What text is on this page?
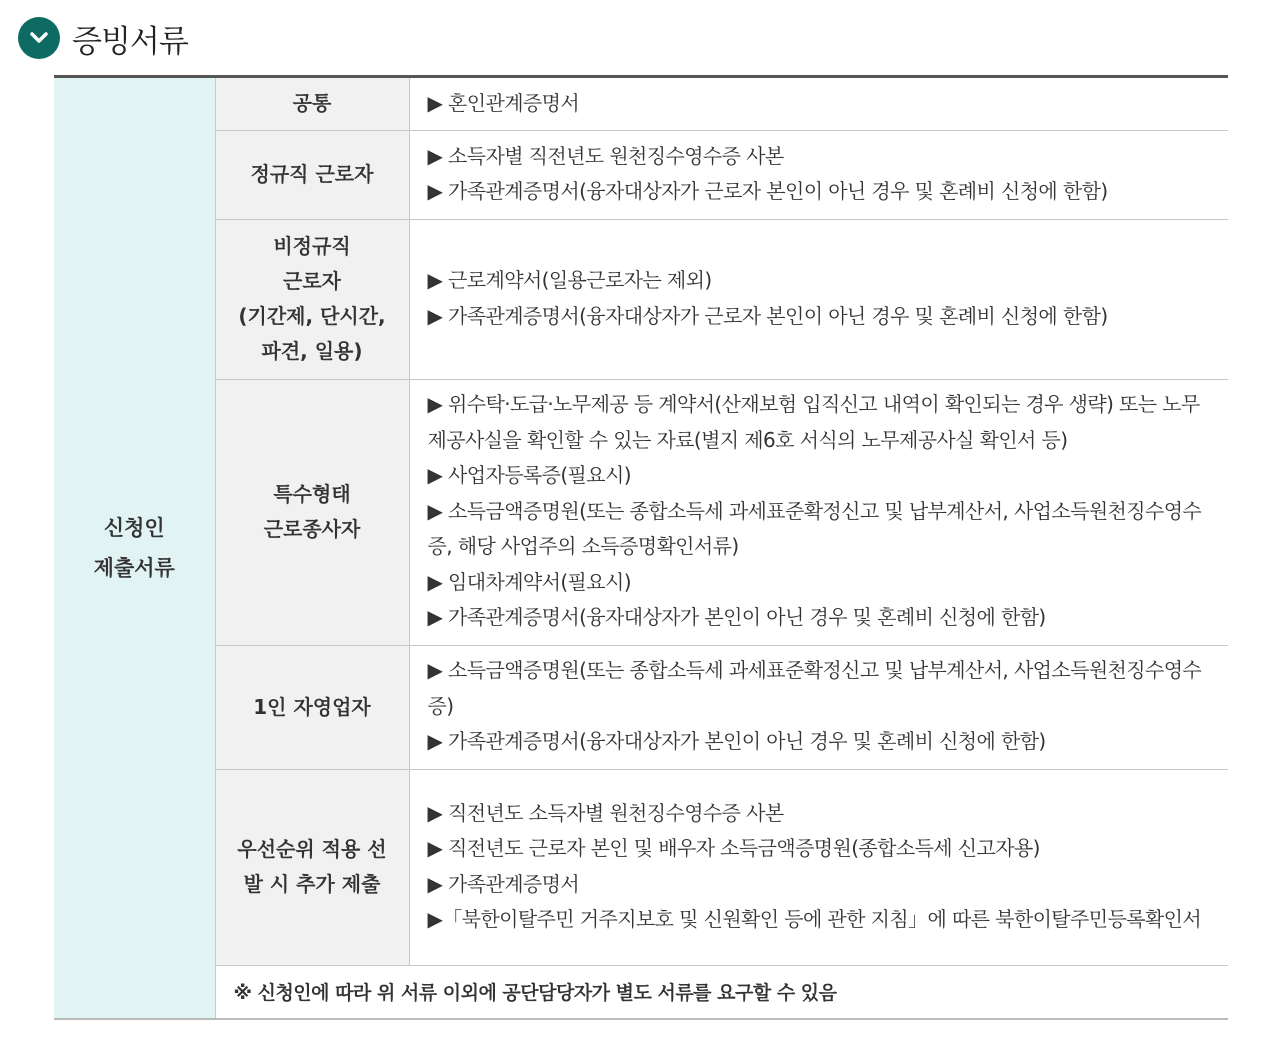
증빙서류
신청인
제출서류	공통	▶ 혼인관계증명서

	정규직 근로자	▶ 소득자별 직전년도 원천징수영수증 사본
▶ 가족관계증명서(융자대상자가 근로자 본인이 아닌 경우 및 혼례비 신청에 한함)

	비정규직
근로자
(기간제, 단시간,
파견, 일용)	▶ 근로계약서(일용근로자는 제외)
▶ 가족관계증명서(융자대상자가 근로자 본인이 아닌 경우 및 혼례비 신청에 한함)

	특수형태
근로종사자	▶ 위수탁·도급·노무제공 등 계약서(산재보험 입직신고 내역이 확인되는 경우 생략) 또는 노무제공사실을 확인할 수 있는 자료(별지 제6호 서식의 노무제공사실 확인서 등)
▶ 사업자등록증(필요시)
▶ 소득금액증명원(또는 종합소득세 과세표준확정신고 및 납부계산서, 사업소득원천징수영수증, 해당 사업주의 소득증명확인서류)
▶ 임대차계약서(필요시)
▶ 가족관계증명서(융자대상자가 본인이 아닌 경우 및 혼례비 신청에 한함)

	1인 자영업자	▶ 소득금액증명원(또는 종합소득세 과세표준확정신고 및 납부계산서, 사업소득원천징수영수증)
▶ 가족관계증명서(융자대상자가 본인이 아닌 경우 및 혼례비 신청에 한함)

	우선순위 적용 선
발 시 추가 제출	▶ 직전년도 소득자별 원천징수영수증 사본
▶ 직전년도 근로자 본인 및 배우자 소득금액증명원(종합소득세 신고자용)
▶ 가족관계증명서
▶「북한이탈주민 거주지보호 및 신원확인 등에 관한 지침」에 따른 북한이탈주민등록확인서

	※ 신청인에 따라 위 서류 이외에 공단담당자가 별도 서류를 요구할 수 있음	
